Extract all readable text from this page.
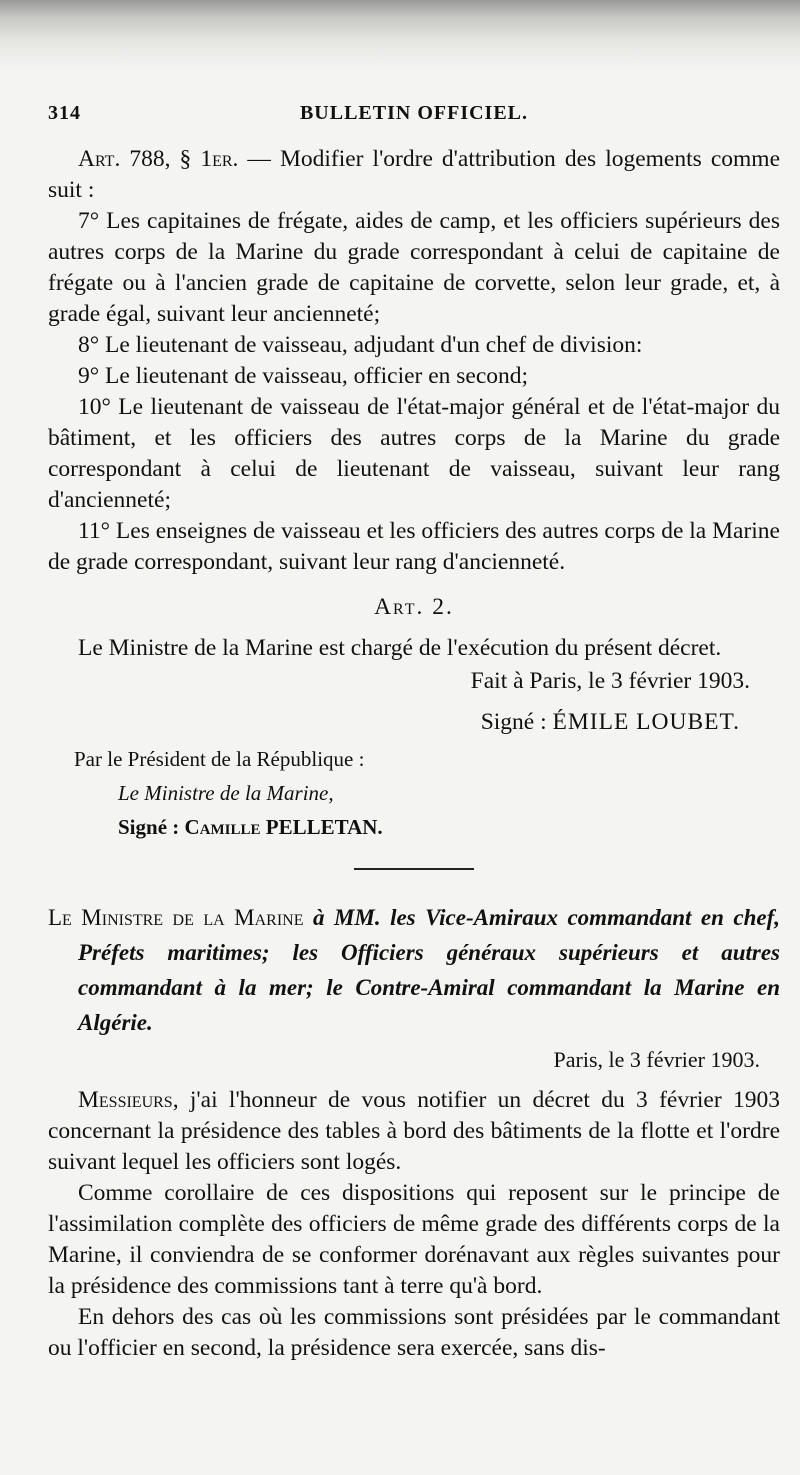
314	BULLETIN OFFICIEL.

Art. 788, § 1er. — Modifier l'ordre d'attribution des logements comme suit :

7° Les capitaines de frégate, aides de camp, et les officiers supérieurs des autres corps de la Marine du grade correspondant à celui de capitaine de frégate ou à l'ancien grade de capitaine de corvette, selon leur grade, et, à grade égal, suivant leur ancienneté;

8° Le lieutenant de vaisseau, adjudant d'un chef de division:

9° Le lieutenant de vaisseau, officier en second;

10° Le lieutenant de vaisseau de l'état-major général et de l'état-major du bâtiment, et les officiers des autres corps de la Marine du grade correspondant à celui de lieutenant de vaisseau, suivant leur rang d'ancienneté;

11° Les enseignes de vaisseau et les officiers des autres corps de la Marine de grade correspondant, suivant leur rang d'ancienneté.

Art. 2.

Le Ministre de la Marine est chargé de l'exécution du présent décret.

Fait à Paris, le 3 février 1903.

Signé : ÉMILE LOUBET.

Par le Président de la République :
Le Ministre de la Marine,
Signé : Camille PELLETAN.

Le Ministre de la Marine à MM. les Vice-Amiraux commandant en chef, Préfets maritimes; les Officiers généraux supérieurs et autres commandant à la mer; le Contre-Amiral commandant la Marine en Algérie.

Paris, le 3 février 1903.

Messieurs, j'ai l'honneur de vous notifier un décret du 3 février 1903 concernant la présidence des tables à bord des bâtiments de la flotte et l'ordre suivant lequel les officiers sont logés.

Comme corollaire de ces dispositions qui reposent sur le principe de l'assimilation complète des officiers de même grade des différents corps de la Marine, il conviendra de se conformer dorénavant aux règles suivantes pour la présidence des commissions tant à terre qu'à bord.

En dehors des cas où les commissions sont présidées par le commandant ou l'officier en second, la présidence sera exercée, sans dis-
